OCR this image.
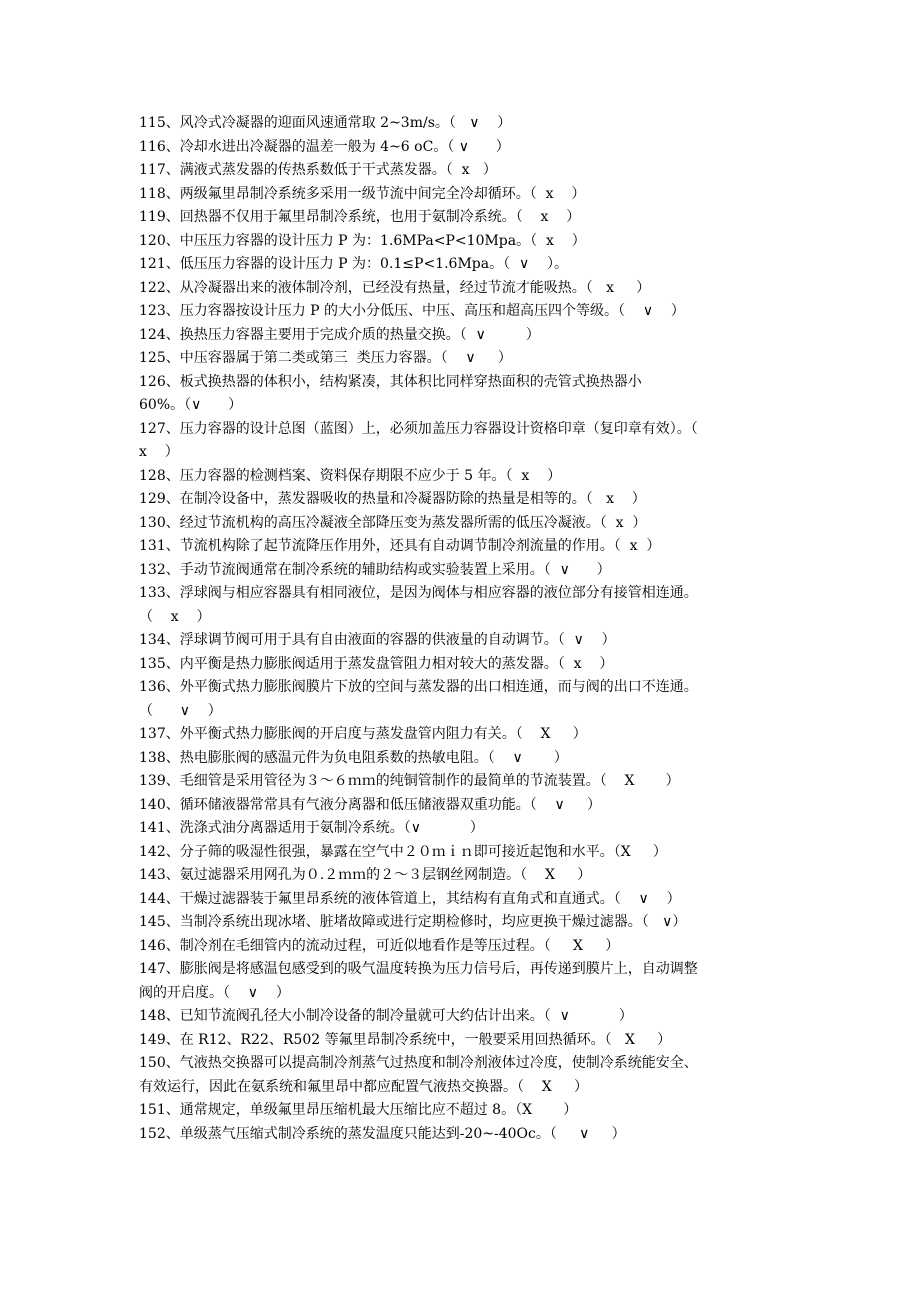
115、风冷式冷凝器的迎面风速通常取 2~3m/s。（   ∨    ）
116、冷却水进出冷凝器的温差一般为 4~6 oC。（ ∨      ）
117、满液式蒸发器的传热系数低于干式蒸发器。（  x   ）
118、两级氟里昂制冷系统多采用一级节流中间完全冷却循环。（  x    ）
119、回热器不仅用于氟里昂制冷系统，也用于氨制冷系统。（    x    ）
120、中压压力容器的设计压力 P 为：1.6MPa<P<10Mpa。（  x    ）
121、低压压力容器的设计压力 P 为：0.1≤P<1.6Mpa。（  ∨    ）。
122、从冷凝器出来的液体制冷剂，已经没有热量，经过节流才能吸热。（   x     ）
123、压力容器按设计压力 P 的大小分低压、中压、高压和超高压四个等级。（    ∨    ）
124、换热压力容器主要用于完成介质的热量交换。（  ∨         ）
125、中压容器属于第二类或第三  类压力容器。（    ∨     ）
126、板式换热器的体积小，结构紧凑，其体积比同样穿热面积的壳管式换热器小
60%。（∨      ）
127、压力容器的设计总图（蓝图）上，必须加盖压力容器设计资格印章（复印章有效）。（
x    ）
128、压力容器的检测档案、资料保存期限不应少于 5 年。（  x    ）
129、在制冷设备中，蒸发器吸收的热量和冷凝器防除的热量是相等的。（   x    ）
130、经过节流机构的高压冷凝液全部降压变为蒸发器所需的低压冷凝液。（  x  ）
131、节流机构除了起节流降压作用外，还具有自动调节制冷剂流量的作用。（  x  ）
132、手动节流阀通常在制冷系统的辅助结构或实验装置上采用。（  ∨      ）
133、浮球阀与相应容器具有相同液位，是因为阀体与相应容器的液位部分有接管相连通。
（    x    ）
134、浮球调节阀可用于具有自由液面的容器的供液量的自动调节。（  ∨    ）
135、内平衡是热力膨胀阀适用于蒸发盘管阻力相对较大的蒸发器。（  x    ）
136、外平衡式热力膨胀阀膜片下放的空间与蒸发器的出口相连通，而与阀的出口不连通。
（      ∨    ）
137、外平衡式热力膨胀阀的开启度与蒸发盘管内阻力有关。（    X     ）
138、热电膨胀阀的感温元件为负电阻系数的热敏电阻。（    ∨       ）
139、毛细管是采用管径为３～６ｍｍ的纯铜管制作的最简单的节流装置。（    X       ）
140、循环储液器常常具有气液分离器和低压储液器双重功能。（    ∨     ）
141、洗涤式油分离器适用于氨制冷系统。（∨           ）
142、分子筛的吸湿性很强，暴露在空气中２０ｍｉｎ即可接近起饱和水平。（X     ）
143、氨过滤器采用网孔为０.２ｍｍ的２～３层钢丝网制造。（    X     ）
144、干燥过滤器装于氟里昂系统的液体管道上，其结构有直角式和直通式。（    ∨    ）
145、当制冷系统出现冰堵、脏堵故障或进行定期检修时，均应更换干燥过滤器。（   ∨）
146、制冷剂在毛细管内的流动过程，可近似地看作是等压过程。（     X     ）
147、膨胀阀是将感温包感受到的吸气温度转换为压力信号后，再传递到膜片上，自动调整
阀的开启度。（    ∨    ）
148、已知节流阀孔径大小制冷设备的制冷量就可大约估计出来。（  ∨           ）
149、在 R12、R22、R502 等氟里昂制冷系统中，一般要采用回热循环。（   X     ）
150、气液热交换器可以提高制冷剂蒸气过热度和制冷剂液体过冷度，使制冷系统能安全、
有效运行，因此在氨系统和氟里昂中都应配置气液热交换器。（    X     ）
151、通常规定，单级氟里昂压缩机最大压缩比应不超过 8。（X       ）
152、单级蒸气压缩式制冷系统的蒸发温度只能达到-20~-40Oc。（     ∨     ）
